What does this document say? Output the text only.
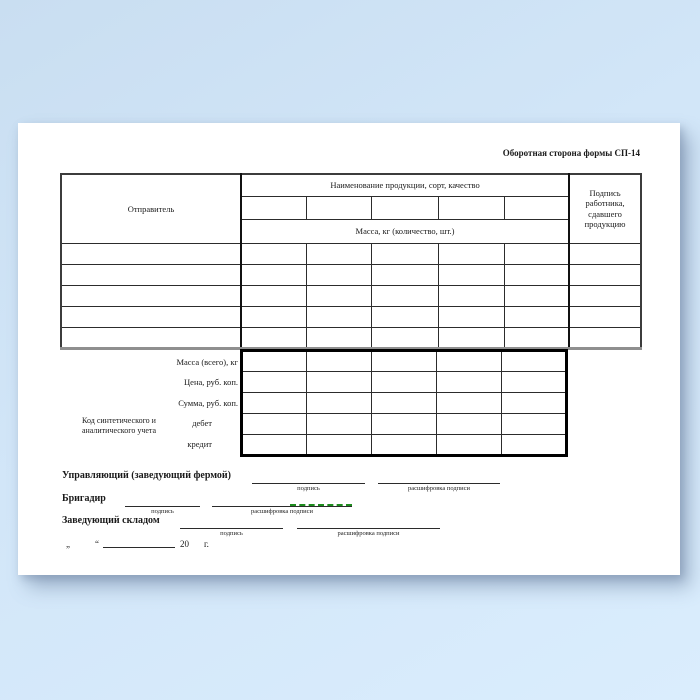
Оборотная сторона формы СП-14
Отправитель	Наименование продукции, сорт, качество					Подпись работника, сдавшего продукцию

	Масса, кг (количество, шт.)					

Масса (всего), кг
Цена, руб. коп.
Сумма, руб. коп.
дебет
кредит
Код синтетического и аналитического учета

Управляющий (заведующий фермой)
подпись	расшифровка подписи
Бригадир
подпись	расшифровка подписи
Заведующий складом
подпись	расшифровка подписи
„	“	20 г.
